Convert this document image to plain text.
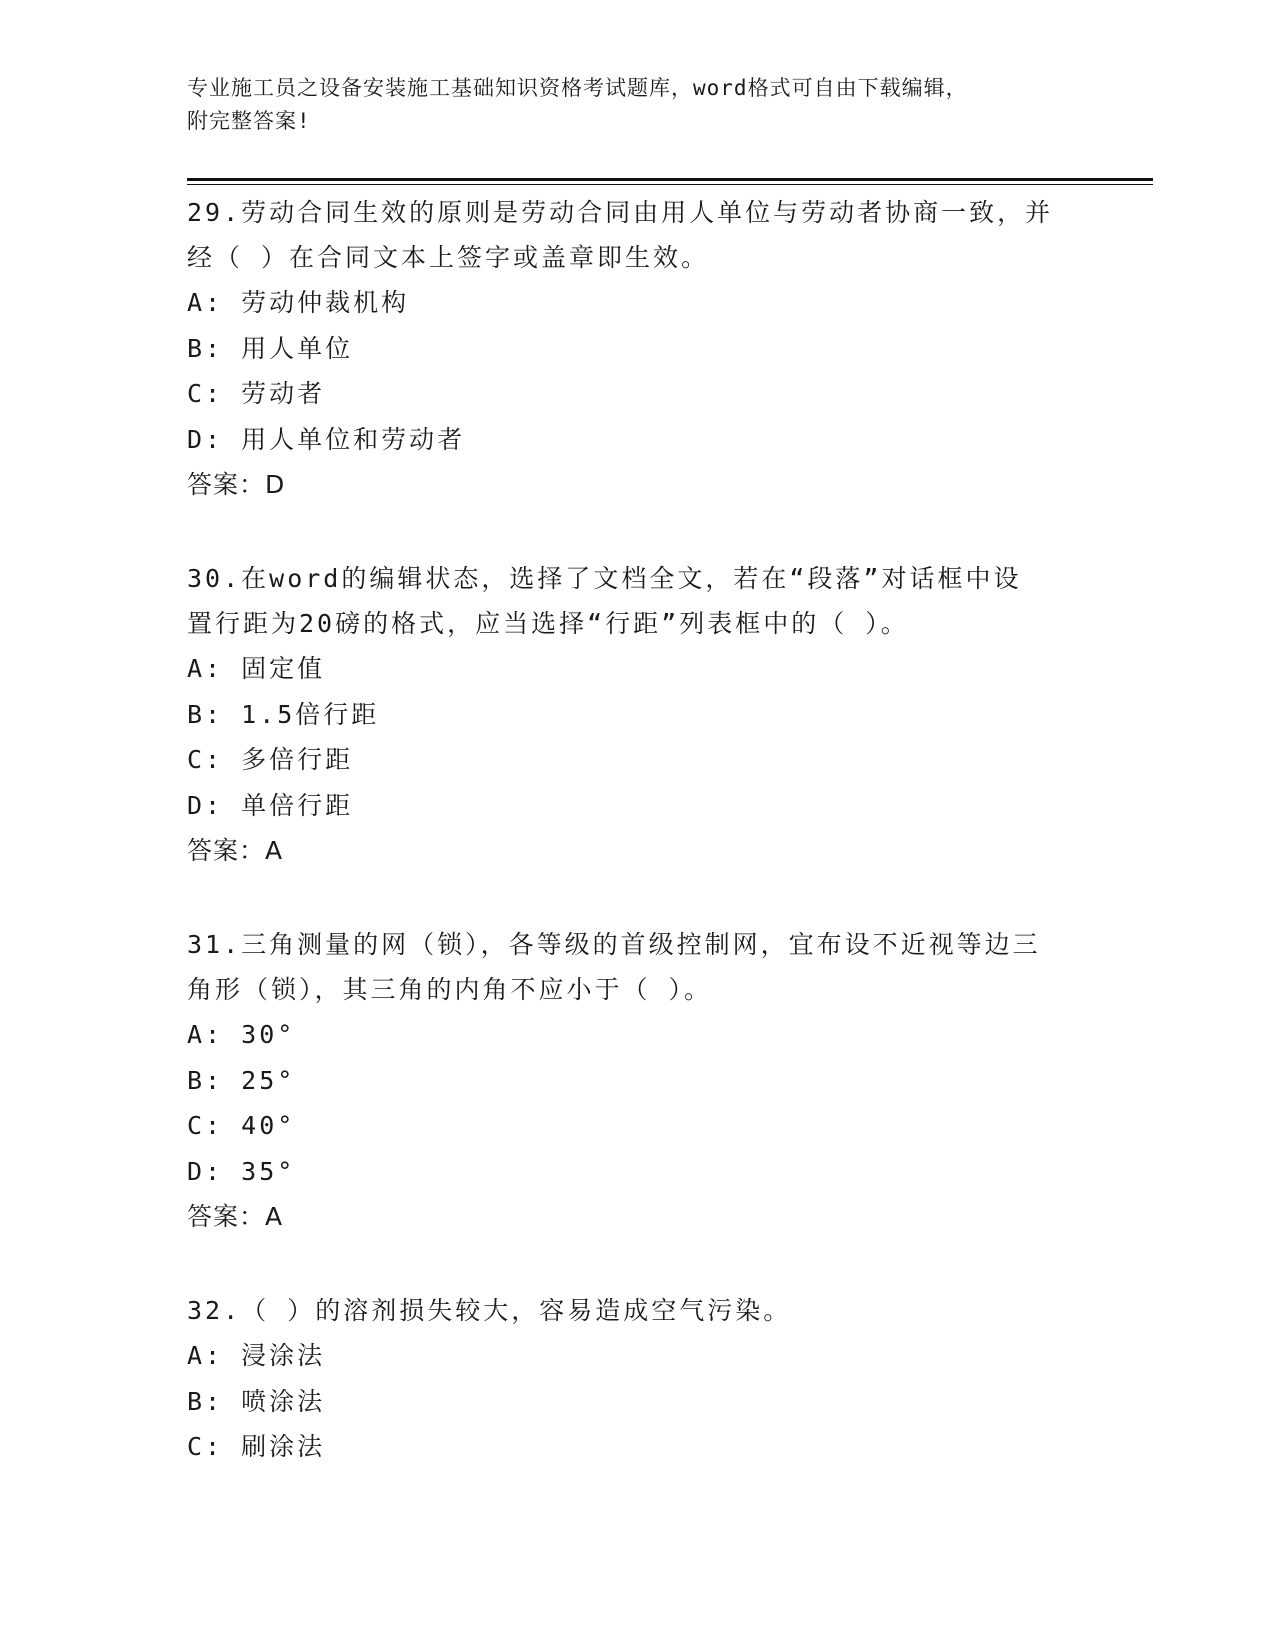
专业施工员之设备安装施工基础知识资格考试题库，word格式可自由下载编辑，
附完整答案!
29.劳动合同生效的原则是劳动合同由用人单位与劳动者协商一致，并
经（ ）在合同文本上签字或盖章即生效。
A: 劳动仲裁机构
B: 用人单位
C: 劳动者
D: 用人单位和劳动者
答案：D
30.在word的编辑状态，选择了文档全文，若在“段落”对话框中设
置行距为20磅的格式，应当选择“行距”列表框中的（ ）。
A: 固定值
B: 1.5倍行距
C: 多倍行距
D: 单倍行距
答案：A
31.三角测量的网（锁），各等级的首级控制网，宜布设不近视等边三
角形（锁），其三角的内角不应小于（ ）。
A: 30°
B: 25°
C: 40°
D: 35°
答案：A
32.（ ）的溶剂损失较大，容易造成空气污染。
A: 浸涂法
B: 喷涂法
C: 刷涂法
